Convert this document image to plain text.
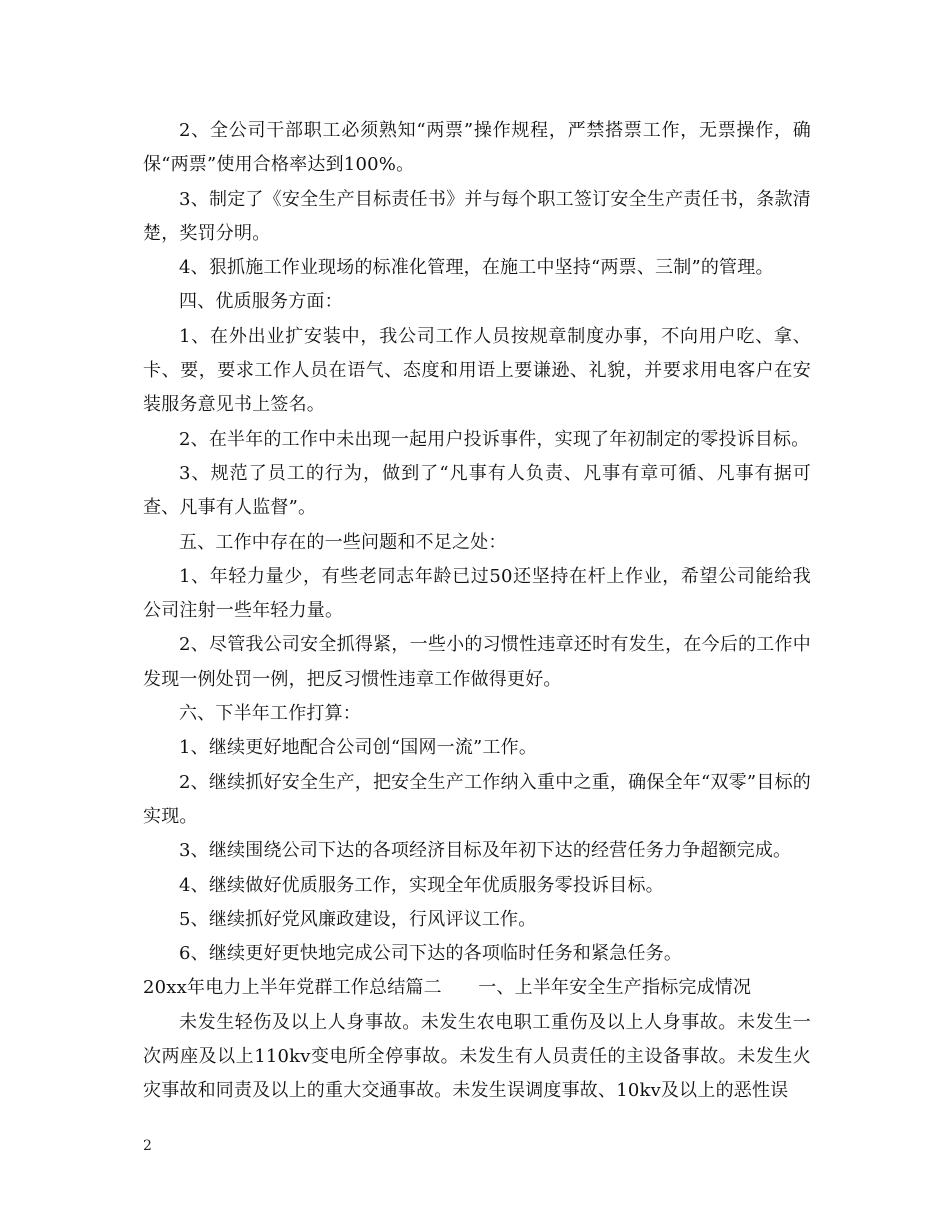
2、全公司干部职工必须熟知“两票”操作规程，严禁搭票工作，无票操作，确保“两票”使用合格率达到100%。

3、制定了《安全生产目标责任书》并与每个职工签订安全生产责任书，条款清楚，奖罚分明。

4、狠抓施工作业现场的标准化管理，在施工中坚持“两票、三制”的管理。

四、优质服务方面：

1、在外出业扩安装中，我公司工作人员按规章制度办事，不向用户吃、拿、卡、要，要求工作人员在语气、态度和用语上要谦逊、礼貌，并要求用电客户在安装服务意见书上签名。

2、在半年的工作中未出现一起用户投诉事件，实现了年初制定的零投诉目标。

3、规范了员工的行为，做到了“凡事有人负责、凡事有章可循、凡事有据可查、凡事有人监督”。

五、工作中存在的一些问题和不足之处：

1、年轻力量少，有些老同志年龄已过50还坚持在杆上作业，希望公司能给我公司注射一些年轻力量。

2、尽管我公司安全抓得紧，一些小的习惯性违章还时有发生，在今后的工作中发现一例处罚一例，把反习惯性违章工作做得更好。

六、下半年工作打算：

1、继续更好地配合公司创“国网一流”工作。

2、继续抓好安全生产，把安全生产工作纳入重中之重，确保全年“双零”目标的实现。

3、继续围绕公司下达的各项经济目标及年初下达的经营任务力争超额完成。

4、继续做好优质服务工作，实现全年优质服务零投诉目标。

5、继续抓好党风廉政建设，行风评议工作。

6、继续更好更快地完成公司下达的各项临时任务和紧急任务。

20xx年电力上半年党群工作总结篇二　　一、上半年安全生产指标完成情况

未发生轻伤及以上人身事故。未发生农电职工重伤及以上人身事故。未发生一次两座及以上110kv变电所全停事故。未发生有人员责任的主设备事故。未发生火灾事故和同责及以上的重大交通事故。未发生误调度事故、10kv及以上的恶性误

2
